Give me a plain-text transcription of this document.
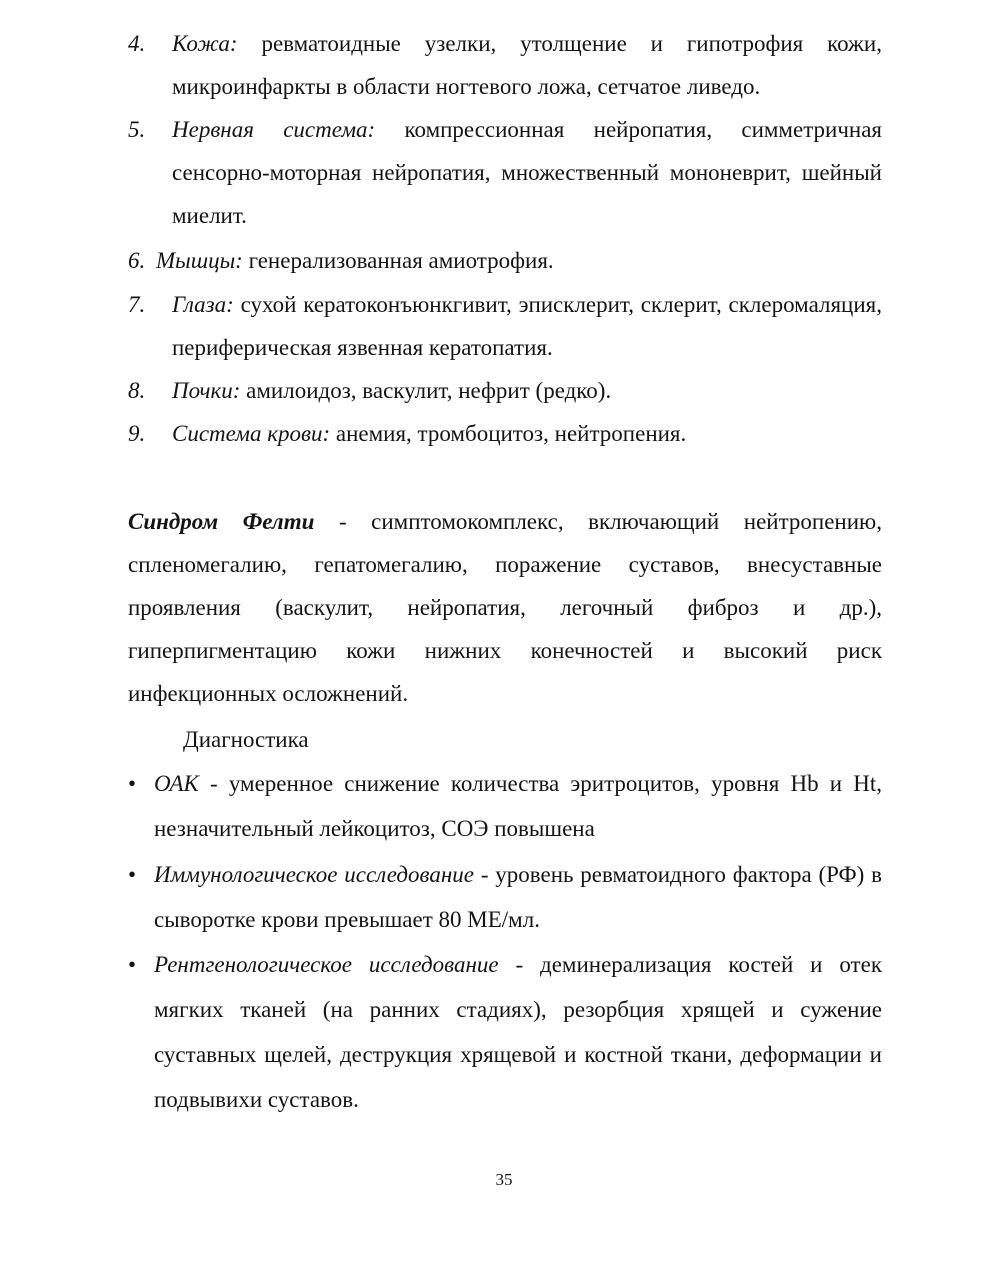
4. Кожа: ревматоидные узелки, утолщение и гипотрофия кожи, микроинфаркты в области ногтевого ложа, сетчатое ливедо.
5. Нервная система: компрессионная нейропатия, симметричная сенсорно-моторная нейропатия, множественный мононеврит, шейный миелит.
6. Мышцы: генерализованная амиотрофия.
7. Глаза: сухой кератоконъюнкгивит, эписклерит, склерит, склеромаляция, периферическая язвенная кератопатия.
8. Почки: амилоидоз, васкулит, нефрит (редко).
9. Система крови: анемия, тромбоцитоз, нейтропения.
Синдром Фелти - симптомокомплекс, включающий нейтропению, спленомегалию, гепатомегалию, поражение суставов, внесуставные проявления (васкулит, нейропатия, легочный фиброз и др.), гиперпигментацию кожи нижних конечностей и высокий риск инфекционных осложнений.
Диагностика
• ОАК - умеренное снижение количества эритроцитов, уровня Hb и Ht, незначительный лейкоцитоз, СОЭ повышена
• Иммунологическое исследование - уровень ревматоидного фактора (РФ) в сыворотке крови превышает 80 МЕ/мл.
• Рентгенологическое исследование - деминерализация костей и отек мягких тканей (на ранних стадиях), резорбция хрящей и сужение суставных щелей, деструкция хрящевой и костной ткани, деформации и подвывихи суставов.
35
